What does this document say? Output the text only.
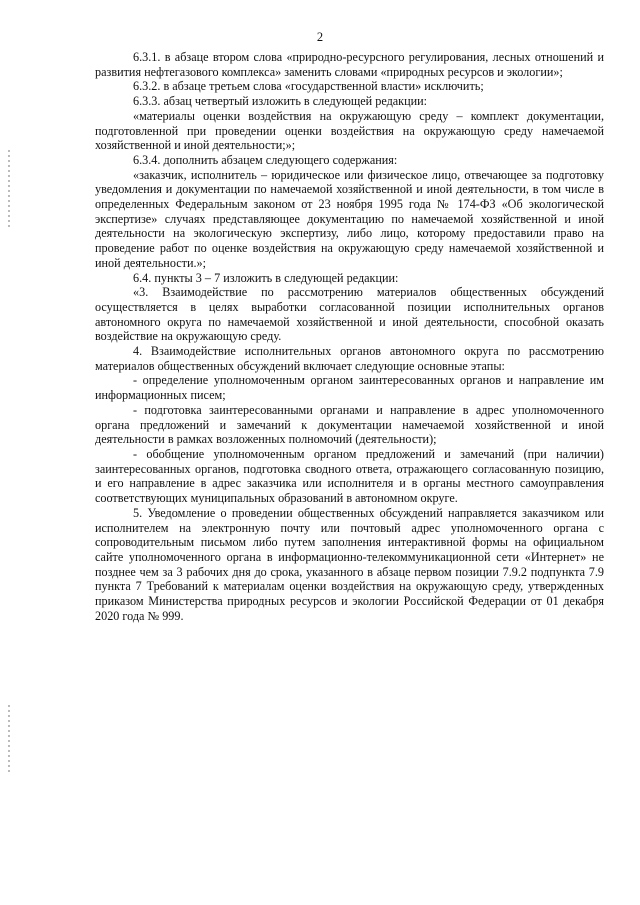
2

6.3.1. в абзаце втором слова «природно-ресурсного регулирования, лесных отношений и развития нефтегазового комплекса» заменить словами «природных ресурсов и экологии»;

6.3.2. в абзаце третьем слова «государственной власти» исключить;

6.3.3. абзац четвертый изложить в следующей редакции:

«материалы оценки воздействия на окружающую среду – комплект документации, подготовленной при проведении оценки воздействия на окружающую среду намечаемой хозяйственной и иной деятельности;»;

6.3.4. дополнить абзацем следующего содержания:

«заказчик, исполнитель – юридическое или физическое лицо, отвечающее за подготовку уведомления и документации по намечаемой хозяйственной и иной деятельности, в том числе в определенных Федеральным законом от 23 ноября 1995 года № 174-ФЗ «Об экологической экспертизе» случаях представляющее документацию по намечаемой хозяйственной и иной деятельности на экологическую экспертизу, либо лицо, которому предоставили право на проведение работ по оценке воздействия на окружающую среду намечаемой хозяйственной и иной деятельности.»;

6.4. пункты 3 – 7 изложить в следующей редакции:

«3. Взаимодействие по рассмотрению материалов общественных обсуждений осуществляется в целях выработки согласованной позиции исполнительных органов автономного округа по намечаемой хозяйственной и иной деятельности, способной оказать воздействие на окружающую среду.

4. Взаимодействие исполнительных органов автономного округа по рассмотрению материалов общественных обсуждений включает следующие основные этапы:

- определение уполномоченным органом заинтересованных органов и направление им информационных писем;

- подготовка заинтересованными органами и направление в адрес уполномоченного органа предложений и замечаний к документации намечаемой хозяйственной и иной деятельности в рамках возложенных полномочий (деятельности);

- обобщение уполномоченным органом предложений и замечаний (при наличии) заинтересованных органов, подготовка сводного ответа, отражающего согласованную позицию, и его направление в адрес заказчика или исполнителя и в органы местного самоуправления соответствующих муниципальных образований в автономном округе.

5. Уведомление о проведении общественных обсуждений направляется заказчиком или исполнителем на электронную почту или почтовый адрес уполномоченного органа с сопроводительным письмом либо путем заполнения интерактивной формы на официальном сайте уполномоченного органа в информационно-телекоммуникационной сети «Интернет» не позднее чем за 3 рабочих дня до срока, указанного в абзаце первом позиции 7.9.2 подпункта 7.9 пункта 7 Требований к материалам оценки воздействия на окружающую среду, утвержденных приказом Министерства природных ресурсов и экологии Российской Федерации от 01 декабря 2020 года № 999.
